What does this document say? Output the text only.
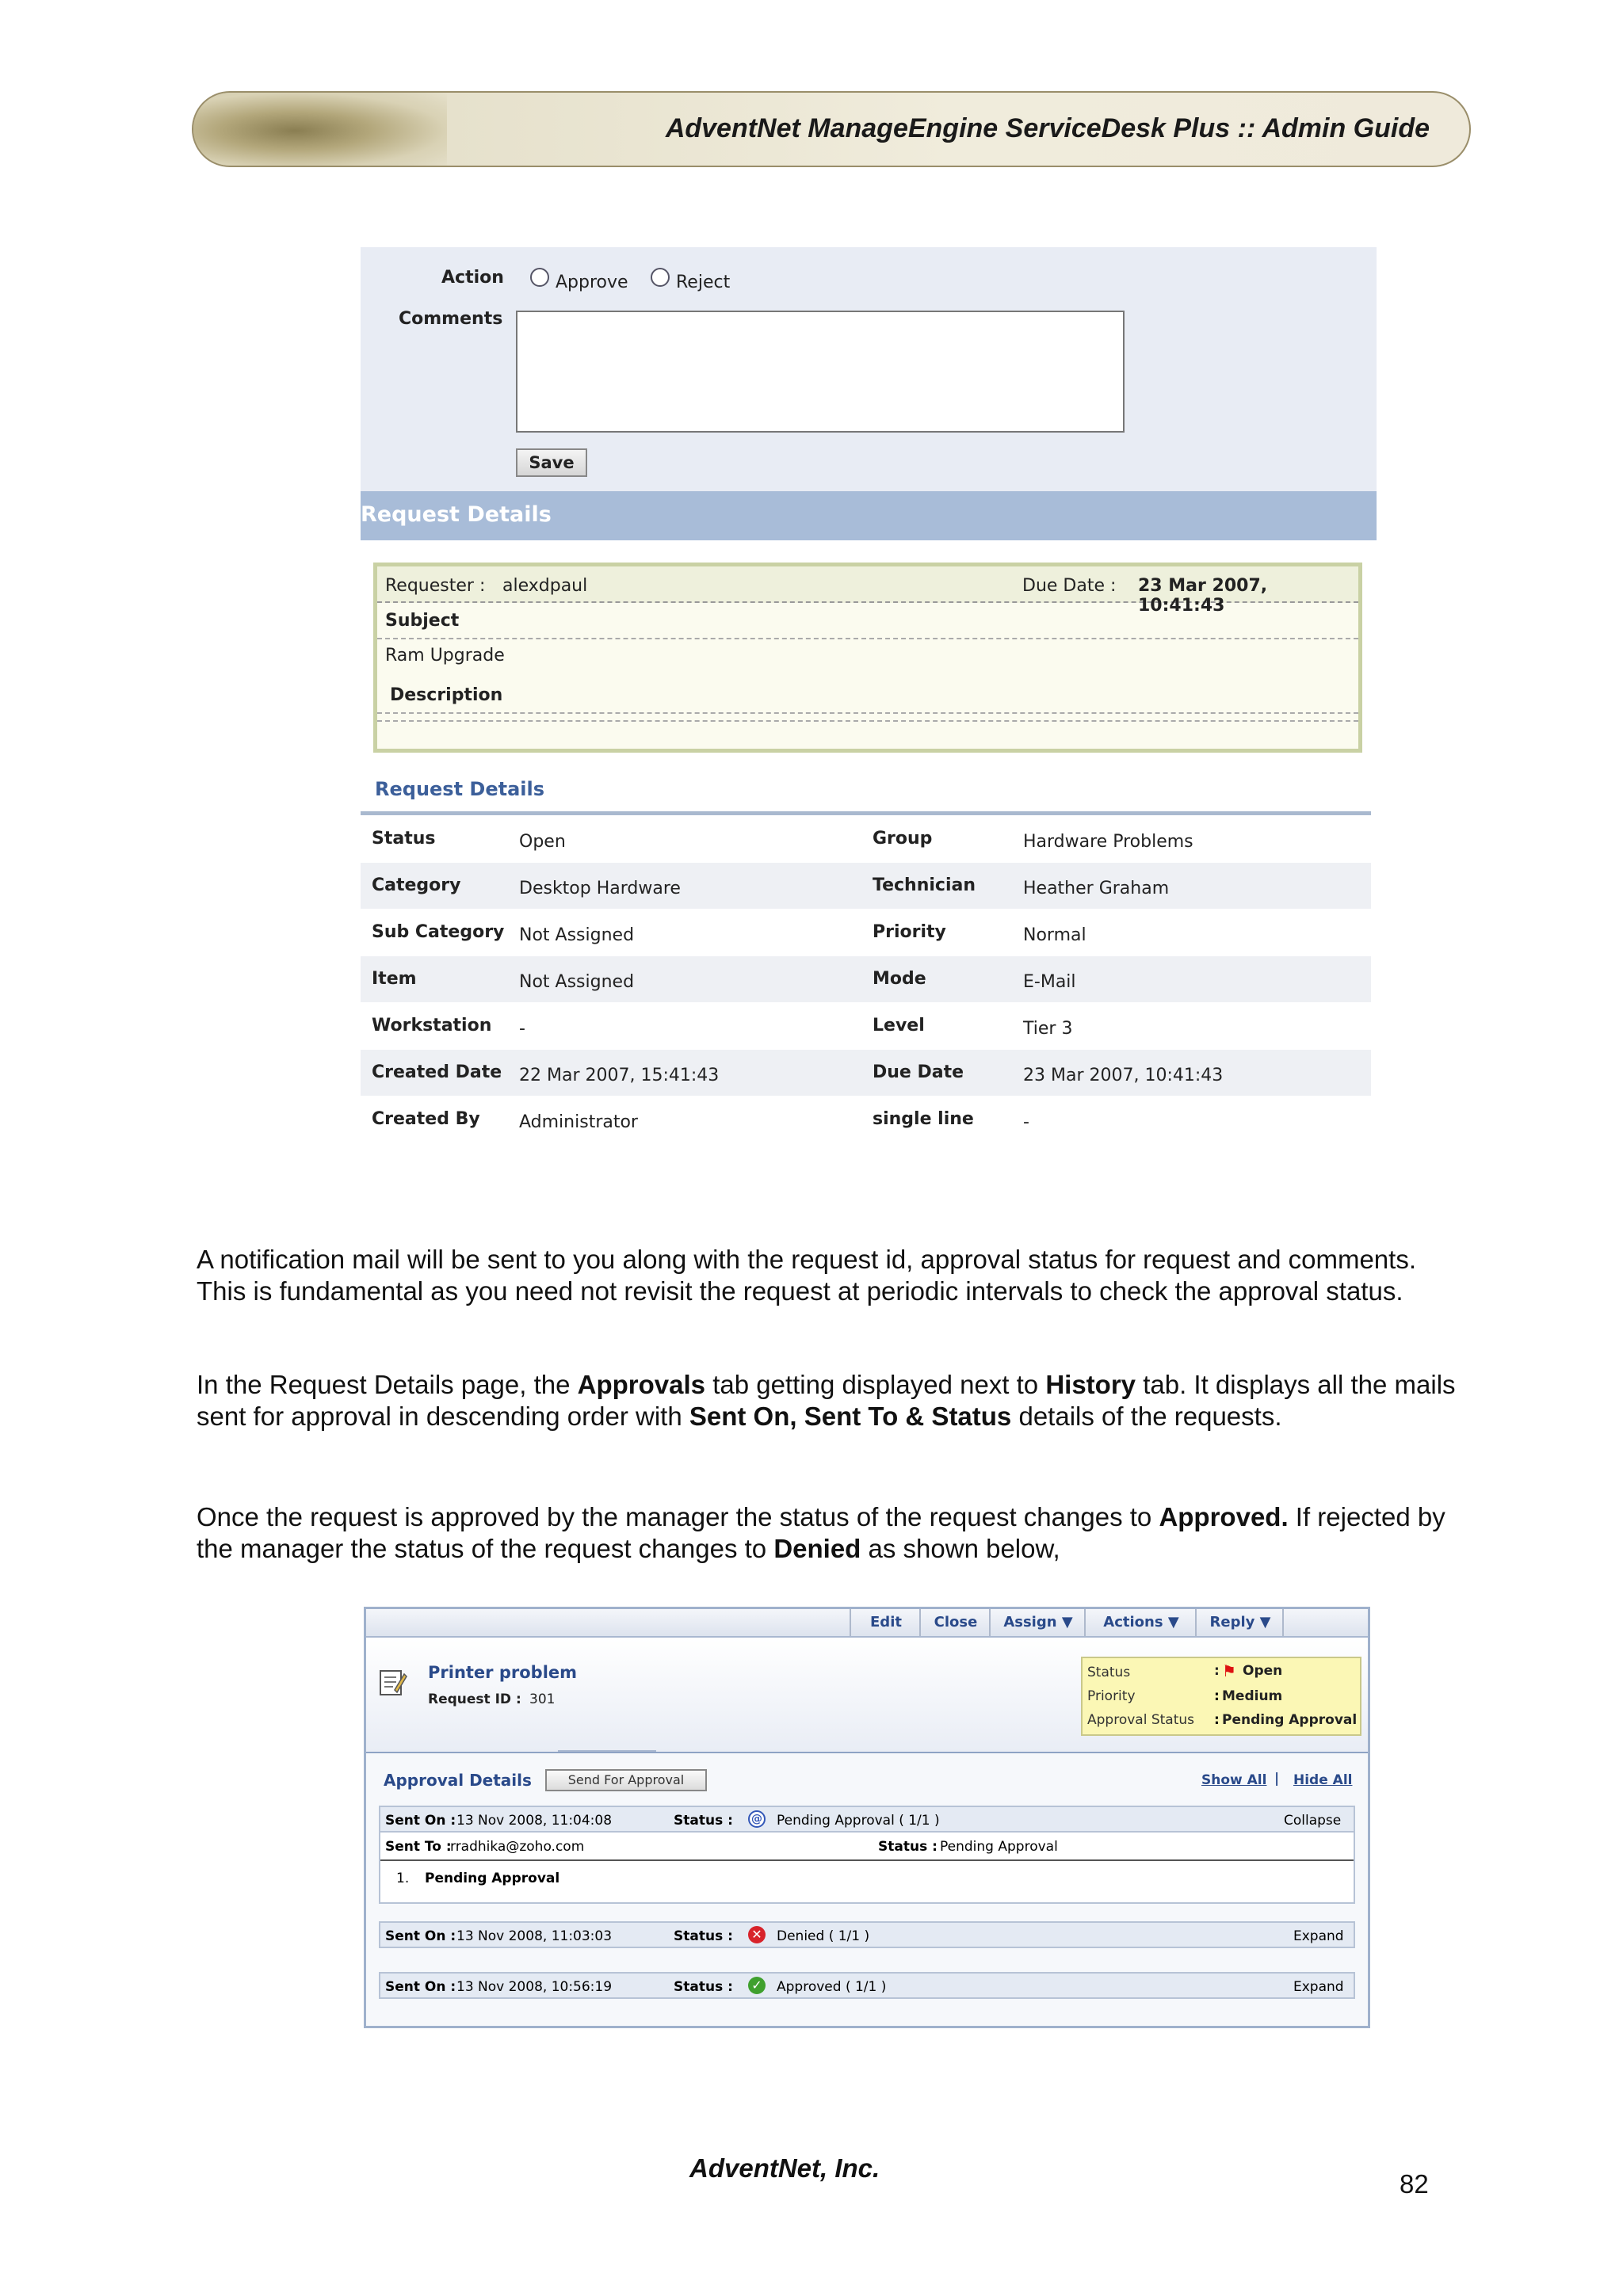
AdventNet ManageEngine ServiceDesk Plus :: Admin Guide
Action	Approve	Reject
Comments
Save
Request Details
Requester : alexdpaul	Due Date : 23 Mar 2007, 10:41:43
Subject
Ram Upgrade
Description
Request Details
Status	Open	Group	Hardware Problems
Category	Desktop Hardware	Technician	Heather Graham
Sub Category Not Assigned	Priority	Normal
Item	Not Assigned	Mode	E-Mail
Workstation -	Level	Tier 3
Created Date 22 Mar 2007, 15:41:43	Due Date	23 Mar 2007, 10:41:43
Created By Administrator	single line	-
A notification mail will be sent to you along with the request id, approval status for request and comments. This is fundamental as you need not revisit the request at periodic intervals to check the approval status.
In the Request Details page, the Approvals tab getting displayed next to History tab. It displays all the mails sent for approval in descending order with Sent On, Sent To & Status details of the requests.
Once the request is approved by the manager the status of the request changes to Approved. If rejected by the manager the status of the request changes to Denied as shown below,
Edit	Close	Assign ▼	Actions ▼	Reply ▼
Printer problem
Request ID : 301
Status	: ⚑ Open
Priority	: Medium
Approval Status : Pending Approval
Approval Details	Send For Approval	Show All | Hide All
Sent On : 13 Nov 2008, 11:04:08	Status : @ Pending Approval ( 1/1 )	Collapse
Sent To :
rradhika@zoho.com	Status : Pending Approval
1. Pending Approval
Sent On : 13 Nov 2008, 11:03:03	Status : ✕ Denied ( 1/1 )	Expand
Sent On : 13 Nov 2008, 10:56:19	Status : ✓ Approved ( 1/1 )	Expand
AdventNet, Inc.
82
